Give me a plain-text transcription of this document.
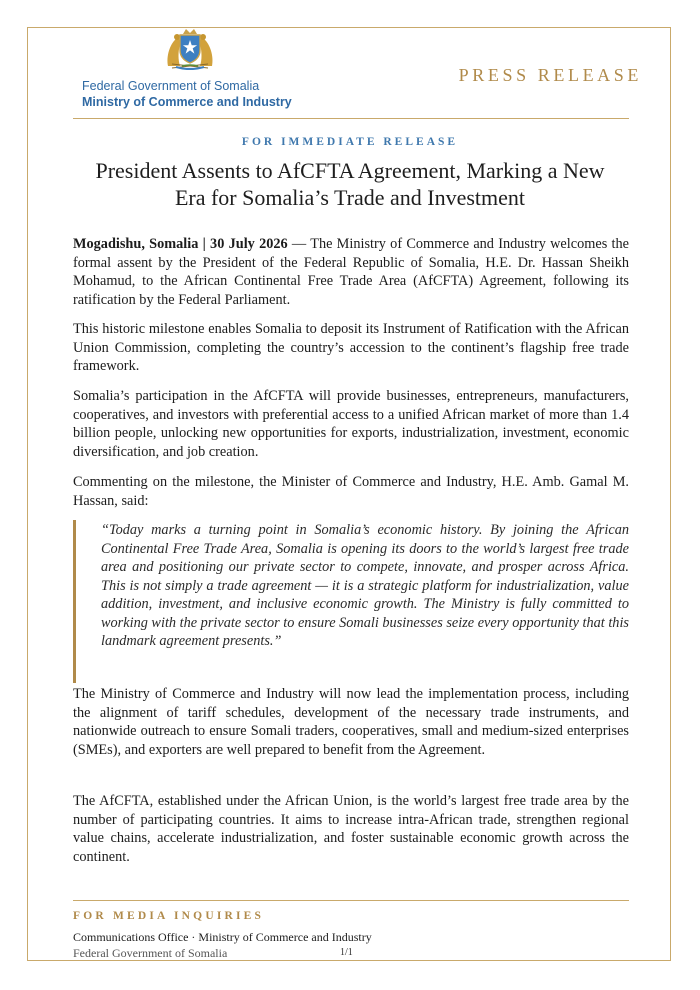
Federal Government of Somalia
Ministry of Commerce and Industry
PRESS RELEASE
FOR IMMEDIATE RELEASE
President Assents to AfCFTA Agreement, Marking a New
Era for Somalia’s Trade and Investment

Mogadishu, Somalia | 30 July 2026 — The Ministry of Commerce and Industry welcomes the formal assent by the President of the Federal Republic of Somalia, H.E. Dr. Hassan Sheikh Mohamud, to the African Continental Free Trade Area (AfCFTA) Agreement, following its ratification by the Federal Parliament.

This historic milestone enables Somalia to deposit its Instrument of Ratification with the African Union Commission, completing the country’s accession to the continent’s flagship free trade framework.

Somalia’s participation in the AfCFTA will provide businesses, entrepreneurs, manufacturers, cooperatives, and investors with preferential access to a unified African market of more than 1.4 billion people, unlocking new opportunities for exports, industrialization, investment, economic diversification, and job creation.

Commenting on the milestone, the Minister of Commerce and Industry, H.E. Amb. Gamal M. Hassan, said:

“Today marks a turning point in Somalia’s economic history. By joining the African Continental Free Trade Area, Somalia is opening its doors to the world’s largest free trade area and positioning our private sector to compete, innovate, and prosper across Africa. This is not simply a trade agreement — it is a strategic platform for industrialization, value addition, investment, and inclusive economic growth. The Ministry is fully committed to working with the private sector to ensure Somali businesses seize every opportunity that this landmark agreement presents.”

The Ministry of Commerce and Industry will now lead the implementation process, including the alignment of tariff schedules, development of the necessary trade instruments, and nationwide outreach to ensure Somali traders, cooperatives, small and medium-sized enterprises (SMEs), and exporters are well prepared to benefit from the Agreement.

The AfCFTA, established under the African Union, is the world’s largest free trade area by the number of participating countries. It aims to increase intra-African trade, strengthen regional value chains, accelerate industrialization, and foster sustainable economic growth across the continent.

FOR MEDIA INQUIRIES
Communications Office · Ministry of Commerce and Industry
Federal Government of Somalia	1/1
